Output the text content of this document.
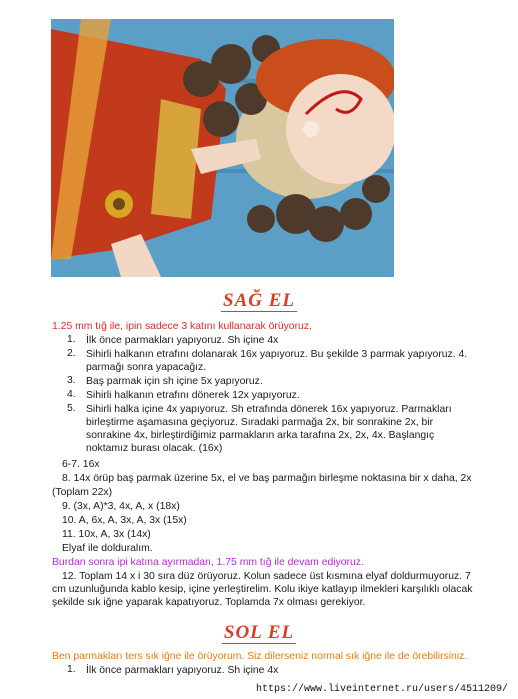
SAĞ EL
1.25 mm tığ ile, ipin sadece 3 katını kullanarak örüyoruz.
1. İlk önce parmakları yapıyoruz. Sh içine 4x
2. Sihirli halkanın etrafını dolanarak 16x yapıyoruz. Bu şekilde 3 parmak yapıyoruz. 4.
parmağı sonra yapacağız.
3. Baş parmak için sh içine 5x yapıyoruz.
4. Sihirli halkanın etrafını dönerek 12x yapıyoruz.
5. Sihirli halka içine 4x yapıyoruz. Sh etrafında dönerek 16x yapıyoruz. Parmakları
birleştirme aşamasına geçiyoruz. Sıradaki parmağa 2x, bir sonrakine 2x, bir
sonrakine 4x, birleştirdiğimiz parmakların arka tarafına 2x, 2x, 4x. Başlangıç
noktamız burası olacak. (16x)
6-7. 16x
8. 14x örüp baş parmak üzerine 5x, el ve baş parmağın birleşme noktasına bir x daha, 2x
(Toplam 22x)
9. (3x, A)*3, 4x, A, x (18x)
10. A, 6x, A, 3x, A, 3x (15x)
11. 10x, A, 3x (14x)
Elyaf ile dolduralım.
Burdan sonra ipi katına ayırmadan, 1.75 mm tığ ile devam ediyoruz.
12. Toplam 14 x i 30 sıra düz örüyoruz. Kolun sadece üst kısmına elyaf doldurmuyoruz. 7
cm uzunluğunda kablo kesip, içine yerleştirelim. Kolu ikiye katlayıp ilmekleri karşılıklı olacak
şekilde sık iğne yaparak kapatıyoruz. Toplamda 7x olması gerekiyor.
SOL EL
Ben parmakları ters sık iğne ile örüyorum. Siz dilerseniz normal sık iğne ile de örebilirsiniz.
1. İlk önce parmakları yapıyoruz. Sh içine 4x
https://www.liveinternet.ru/users/4511209/
